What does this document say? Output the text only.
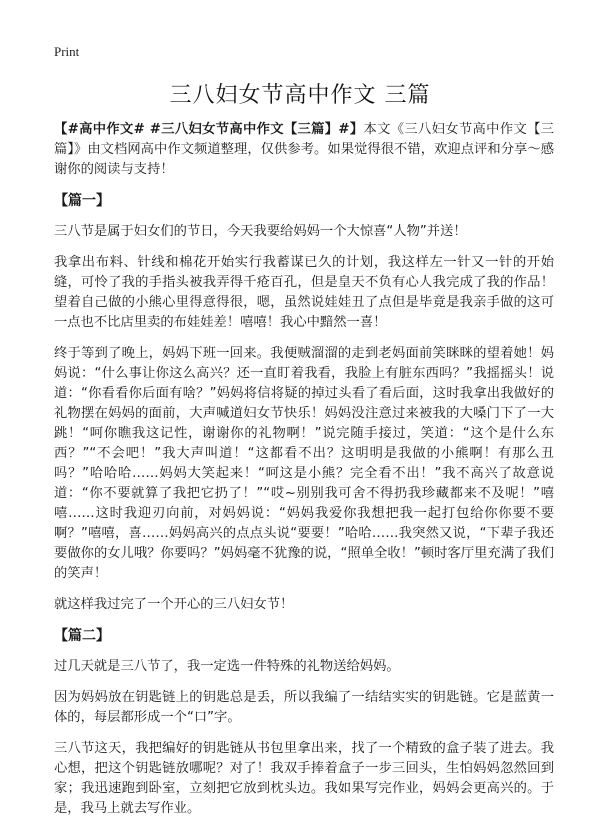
Print
三八妇女节高中作文 三篇

【#高中作文# #三八妇女节高中作文【三篇】#】本文《三八妇女节高中作文【三篇】》由文档网高中作文频道整理，仅供参考。如果觉得很不错，欢迎点评和分享～感谢你的阅读与支持！

【篇一】

三八节是属于妇女们的节日，今天我要给妈妈一个大惊喜“人物”并送！

我拿出布料、针线和棉花开始实行我蓄谋已久的计划，我这样左一针又一针的开始缝，可怜了我的手指头被我弄得千疮百孔，但是皇天不负有心人我完成了我的作品！望着自己做的小熊心里得意得很，嗯，虽然说娃娃丑了点但是毕竟是我亲手做的这可一点也不比店里卖的布娃娃差！嘻嘻！我心中黯然一喜！

终于等到了晚上，妈妈下班一回来。我便贼溜溜的走到老妈面前笑眯眯的望着她！妈妈说：“什么事让你这么高兴？还一直盯着我看，我脸上有脏东西吗？”我摇摇头！说道：“你看看你后面有啥？”妈妈将信将疑的掉过头看了看后面，这时我拿出我做好的礼物摆在妈妈的面前，大声喊道妇女节快乐！妈妈没注意过来被我的大嗓门下了一大跳！“呵你瞧我这记性，谢谢你的礼物啊！”说完随手接过，笑道：“这个是什么东西？”“不会吧！”我大声叫道！“这都看不出？这明明是我做的小熊啊！有那么丑吗？”哈哈哈……妈妈大笑起来！“呵这是小熊？完全看不出！”我不高兴了故意说道：“你不要就算了我把它扔了！”“哎~别别我可舍不得扔我珍藏都来不及呢！”嘻嘻……这时我迎刃向前，对妈妈说：“妈妈我爱你我想把我一起打包给你你要不要啊？”嘻嘻，喜……妈妈高兴的点点头说“要要！”哈哈……我突然又说，“下辈子我还要做你的女儿哦？你要吗？”妈妈毫不犹豫的说，“照单全收！”顿时客厅里充满了我们的笑声！

就这样我过完了一个开心的三八妇女节！

【篇二】

过几天就是三八节了，我一定选一件特殊的礼物送给妈妈。

因为妈妈放在钥匙链上的钥匙总是丢，所以我编了一结结实实的钥匙链。它是蓝黄一体的，每层都形成一个“口”字。

三八节这天，我把编好的钥匙链从书包里拿出来，找了一个精致的盒子装了进去。我心想，把这个钥匙链放哪呢？对了！我双手捧着盒子一步三回头，生怕妈妈忽然回到家；我迅速跑到卧室，立刻把它放到枕头边。我如果写完作业，妈妈会更高兴的。于是，我马上就去写作业。
